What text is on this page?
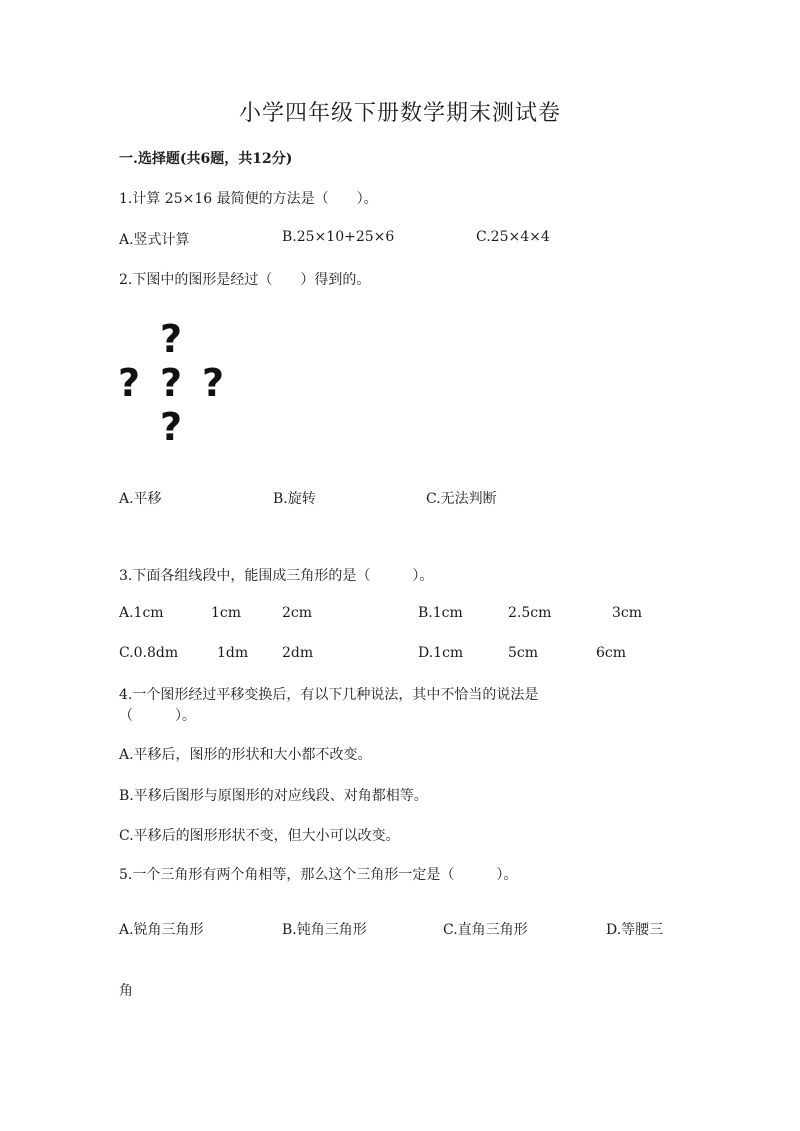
小学四年级下册数学期末测试卷
一.选择题(共6题，共12分)
1.计算 25×16 最简便的方法是（　　）。
A.竖式计算	B.25×10+25×6	C.25×4×4
2.下图中的图形是经过（　　）得到的。
?
? ? ?
?
A.平移	B.旋转	C.无法判断
3.下面各组线段中，能围成三角形的是（　　　）。
A.1cm	1cm	2cm	B.1cm	2.5cm	3cm
C.0.8dm	1dm 2dm	D.1cm	5cm	6cm
4.一个图形经过平移变换后，有以下几种说法，其中不恰当的说法是
（　　　）。
A.平移后，图形的形状和大小都不改变。
B.平移后图形与原图形的对应线段、对角都相等。
C.平移后的图形形状不变，但大小可以改变。
5.一个三角形有两个角相等，那么这个三角形一定是（　　　）。
A.锐角三角形	B.钝角三角形	C.直角三角形	D.等腰三
角
